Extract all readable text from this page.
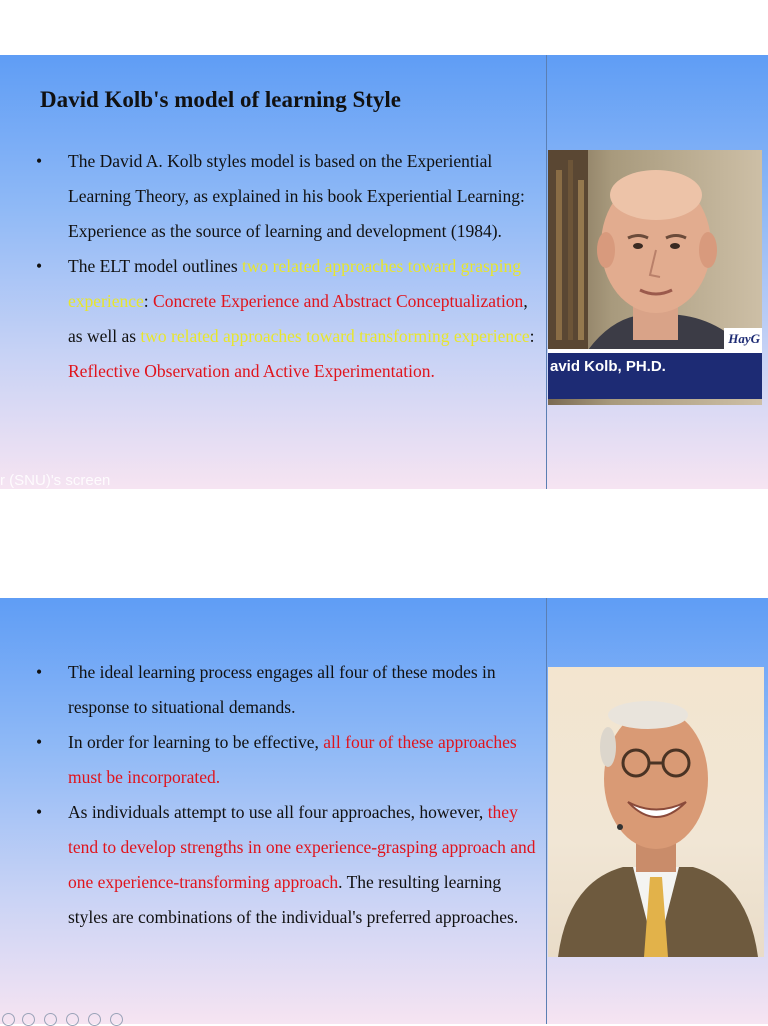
David Kolb's model of learning Style
• The David A. Kolb styles model is based on the Experiential Learning Theory, as explained in his book Experiential Learning: Experience as the source of learning and development (1984).
• The ELT model outlines two related approaches toward grasping experience: Concrete Experience and Abstract Conceptualization, as well as two related approaches toward transforming experience: Reflective Observation and Active Experimentation.	avid Kolb, PH.D.
HayG
r (SNU)'s screen
• The ideal learning process engages all four of these modes in response to situational demands.
• In order for learning to be effective, all four of these approaches must be incorporated.
• As individuals attempt to use all four approaches, however, they tend to develop strengths in one experience-grasping approach and one experience-transforming approach. The resulting learning styles are combinations of the individual's preferred approaches.
